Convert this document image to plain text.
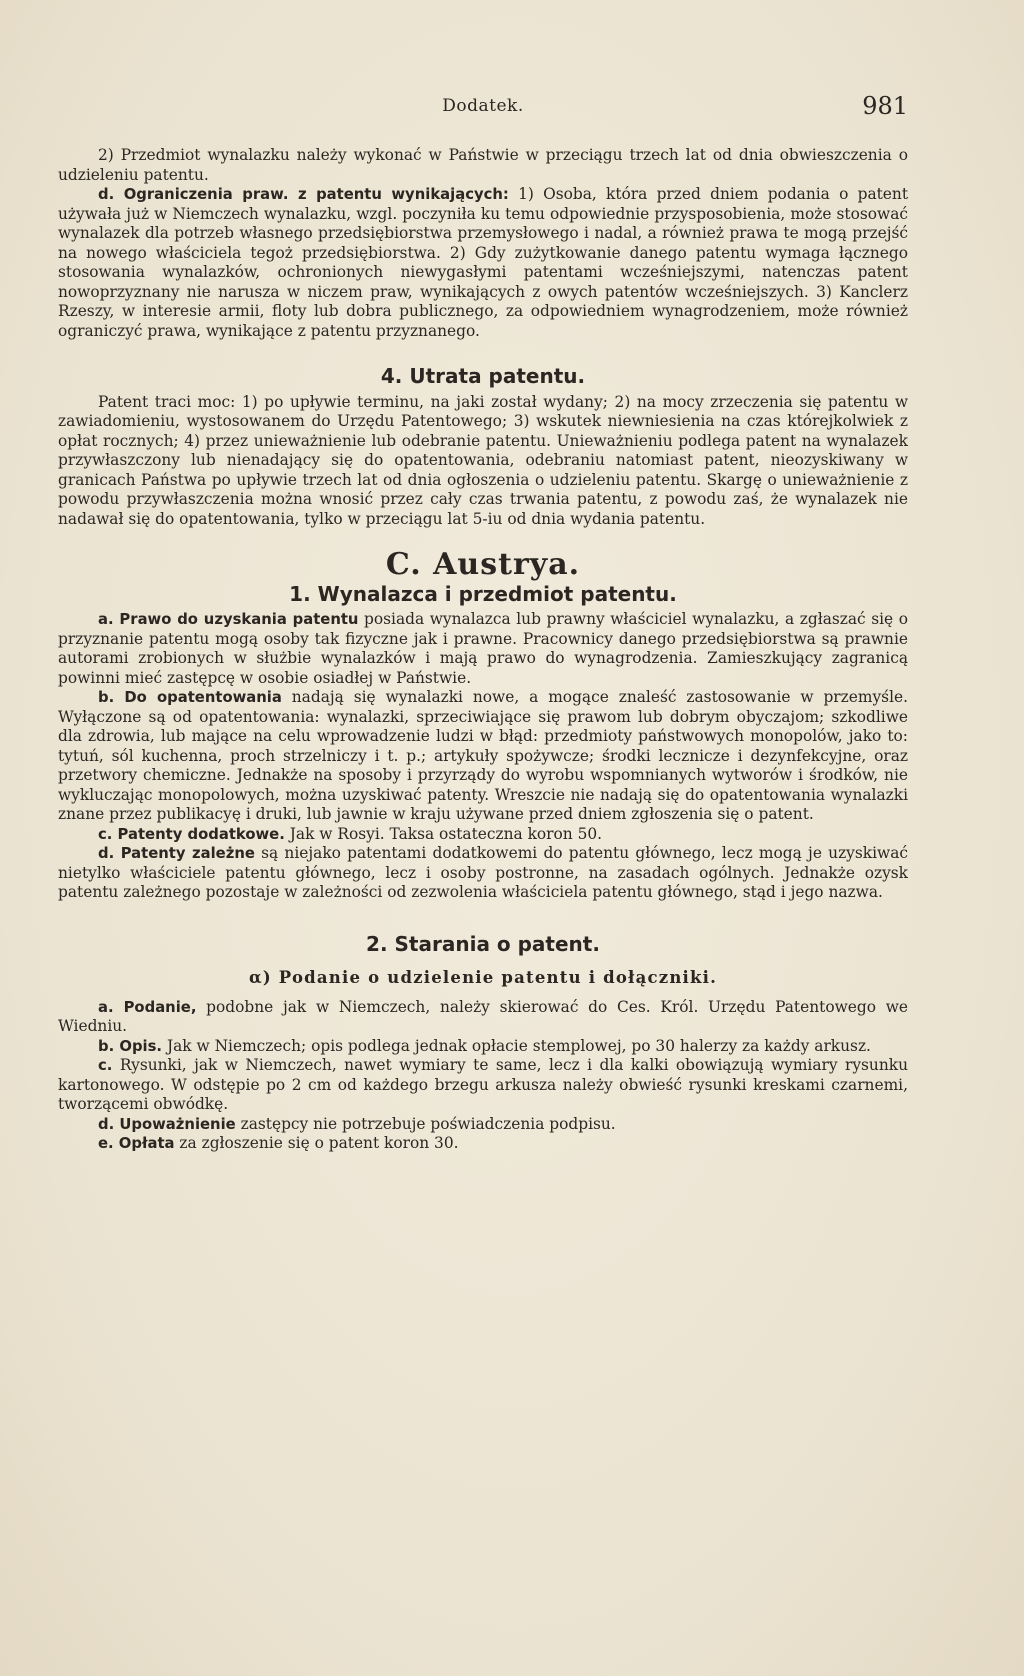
Dodatek.	981

2) Przedmiot wynalazku należy wykonać w Państwie w przeciągu trzech lat od dnia obwieszczenia o udzieleniu patentu.

d. Ograniczenia praw. z patentu wynikających: 1) Osoba, która przed dniem podania o patent używała już w Niemczech wynalazku, wzgl. poczyniła ku temu odpowiednie przysposobienia, może stosować wynalazek dla potrzeb własnego przedsiębiorstwa przemysłowego i nadal, a również prawa te mogą przejść na nowego właściciela tegoż przedsiębiorstwa. 2) Gdy zużytkowanie danego patentu wymaga łącznego stosowania wynalazków, ochronionych niewygasłymi patentami wcześniejszymi, natenczas patent nowoprzyznany nie narusza w niczem praw, wynikających z owych patentów wcześniejszych. 3) Kanclerz Rzeszy, w interesie armii, floty lub dobra publicznego, za odpowiedniem wynagrodzeniem, może również ograniczyć prawa, wynikające z patentu przyznanego.

4. Utrata patentu.

Patent traci moc: 1) po upływie terminu, na jaki został wydany; 2) na mocy zrzeczenia się patentu w zawiadomieniu, wystosowanem do Urzędu Patentowego; 3) wskutek niewniesienia na czas którejkolwiek z opłat rocznych; 4) przez unieważnienie lub odebranie patentu. Unieważnieniu podlega patent na wynalazek przywłaszczony lub nienadający się do opatentowania, odebraniu natomiast patent, nieozyskiwany w granicach Państwa po upływie trzech lat od dnia ogłoszenia o udzieleniu patentu. Skargę o unieważnienie z powodu przywłaszczenia można wnosić przez cały czas trwania patentu, z powodu zaś, że wynalazek nie nadawał się do opatentowania, tylko w przeciągu lat 5-iu od dnia wydania patentu.

C. Austrya.
1. Wynalazca i przedmiot patentu.

a. Prawo do uzyskania patentu posiada wynalazca lub prawny właściciel wynalazku, a zgłaszać się o przyznanie patentu mogą osoby tak fizyczne jak i prawne. Pracownicy danego przedsiębiorstwa są prawnie autorami zrobionych w służbie wynalazków i mają prawo do wynagrodzenia. Zamieszkujący zagranicą powinni mieć zastępcę w osobie osiadłej w Państwie.

b. Do opatentowania nadają się wynalazki nowe, a mogące znaleść zastosowanie w przemyśle. Wyłączone są od opatentowania: wynalazki, sprzeciwiające się prawom lub dobrym obyczajom; szkodliwe dla zdrowia, lub mające na celu wprowadzenie ludzi w błąd: przedmioty państwowych monopolów, jako to: tytuń, sól kuchenna, proch strzelniczy i t. p.; artykuły spożywcze; środki lecznicze i dezynfekcyjne, oraz przetwory chemiczne. Jednakże na sposoby i przyrządy do wyrobu wspomnianych wytworów i środków, nie wykluczając monopolowych, można uzyskiwać patenty. Wreszcie nie nadają się do opatentowania wynalazki znane przez publikacyę i druki, lub jawnie w kraju używane przed dniem zgłoszenia się o patent.

c. Patenty dodatkowe. Jak w Rosyi. Taksa ostateczna koron 50.

d. Patenty zależne są niejako patentami dodatkowemi do patentu głównego, lecz mogą je uzyskiwać nietylko właściciele patentu głównego, lecz i osoby postronne, na zasadach ogólnych. Jednakże ozysk patentu zależnego pozostaje w zależności od zezwolenia właściciela patentu głównego, stąd i jego nazwa.

2. Starania o patent.
α) Podanie o udzielenie patentu i dołączniki.

a. Podanie, podobne jak w Niemczech, należy skierować do Ces. Król. Urzędu Patentowego we Wiedniu.

b. Opis. Jak w Niemczech; opis podlega jednak opłacie stemplowej, po 30 halerzy za każdy arkusz.

c. Rysunki, jak w Niemczech, nawet wymiary te same, lecz i dla kalki obowiązują wymiary rysunku kartonowego. W odstępie po 2 cm od każdego brzegu arkusza należy obwieść rysunki kreskami czarnemi, tworzącemi obwódkę.

d. Upoważnienie zastępcy nie potrzebuje poświadczenia podpisu.

e. Opłata za zgłoszenie się o patent koron 30.
